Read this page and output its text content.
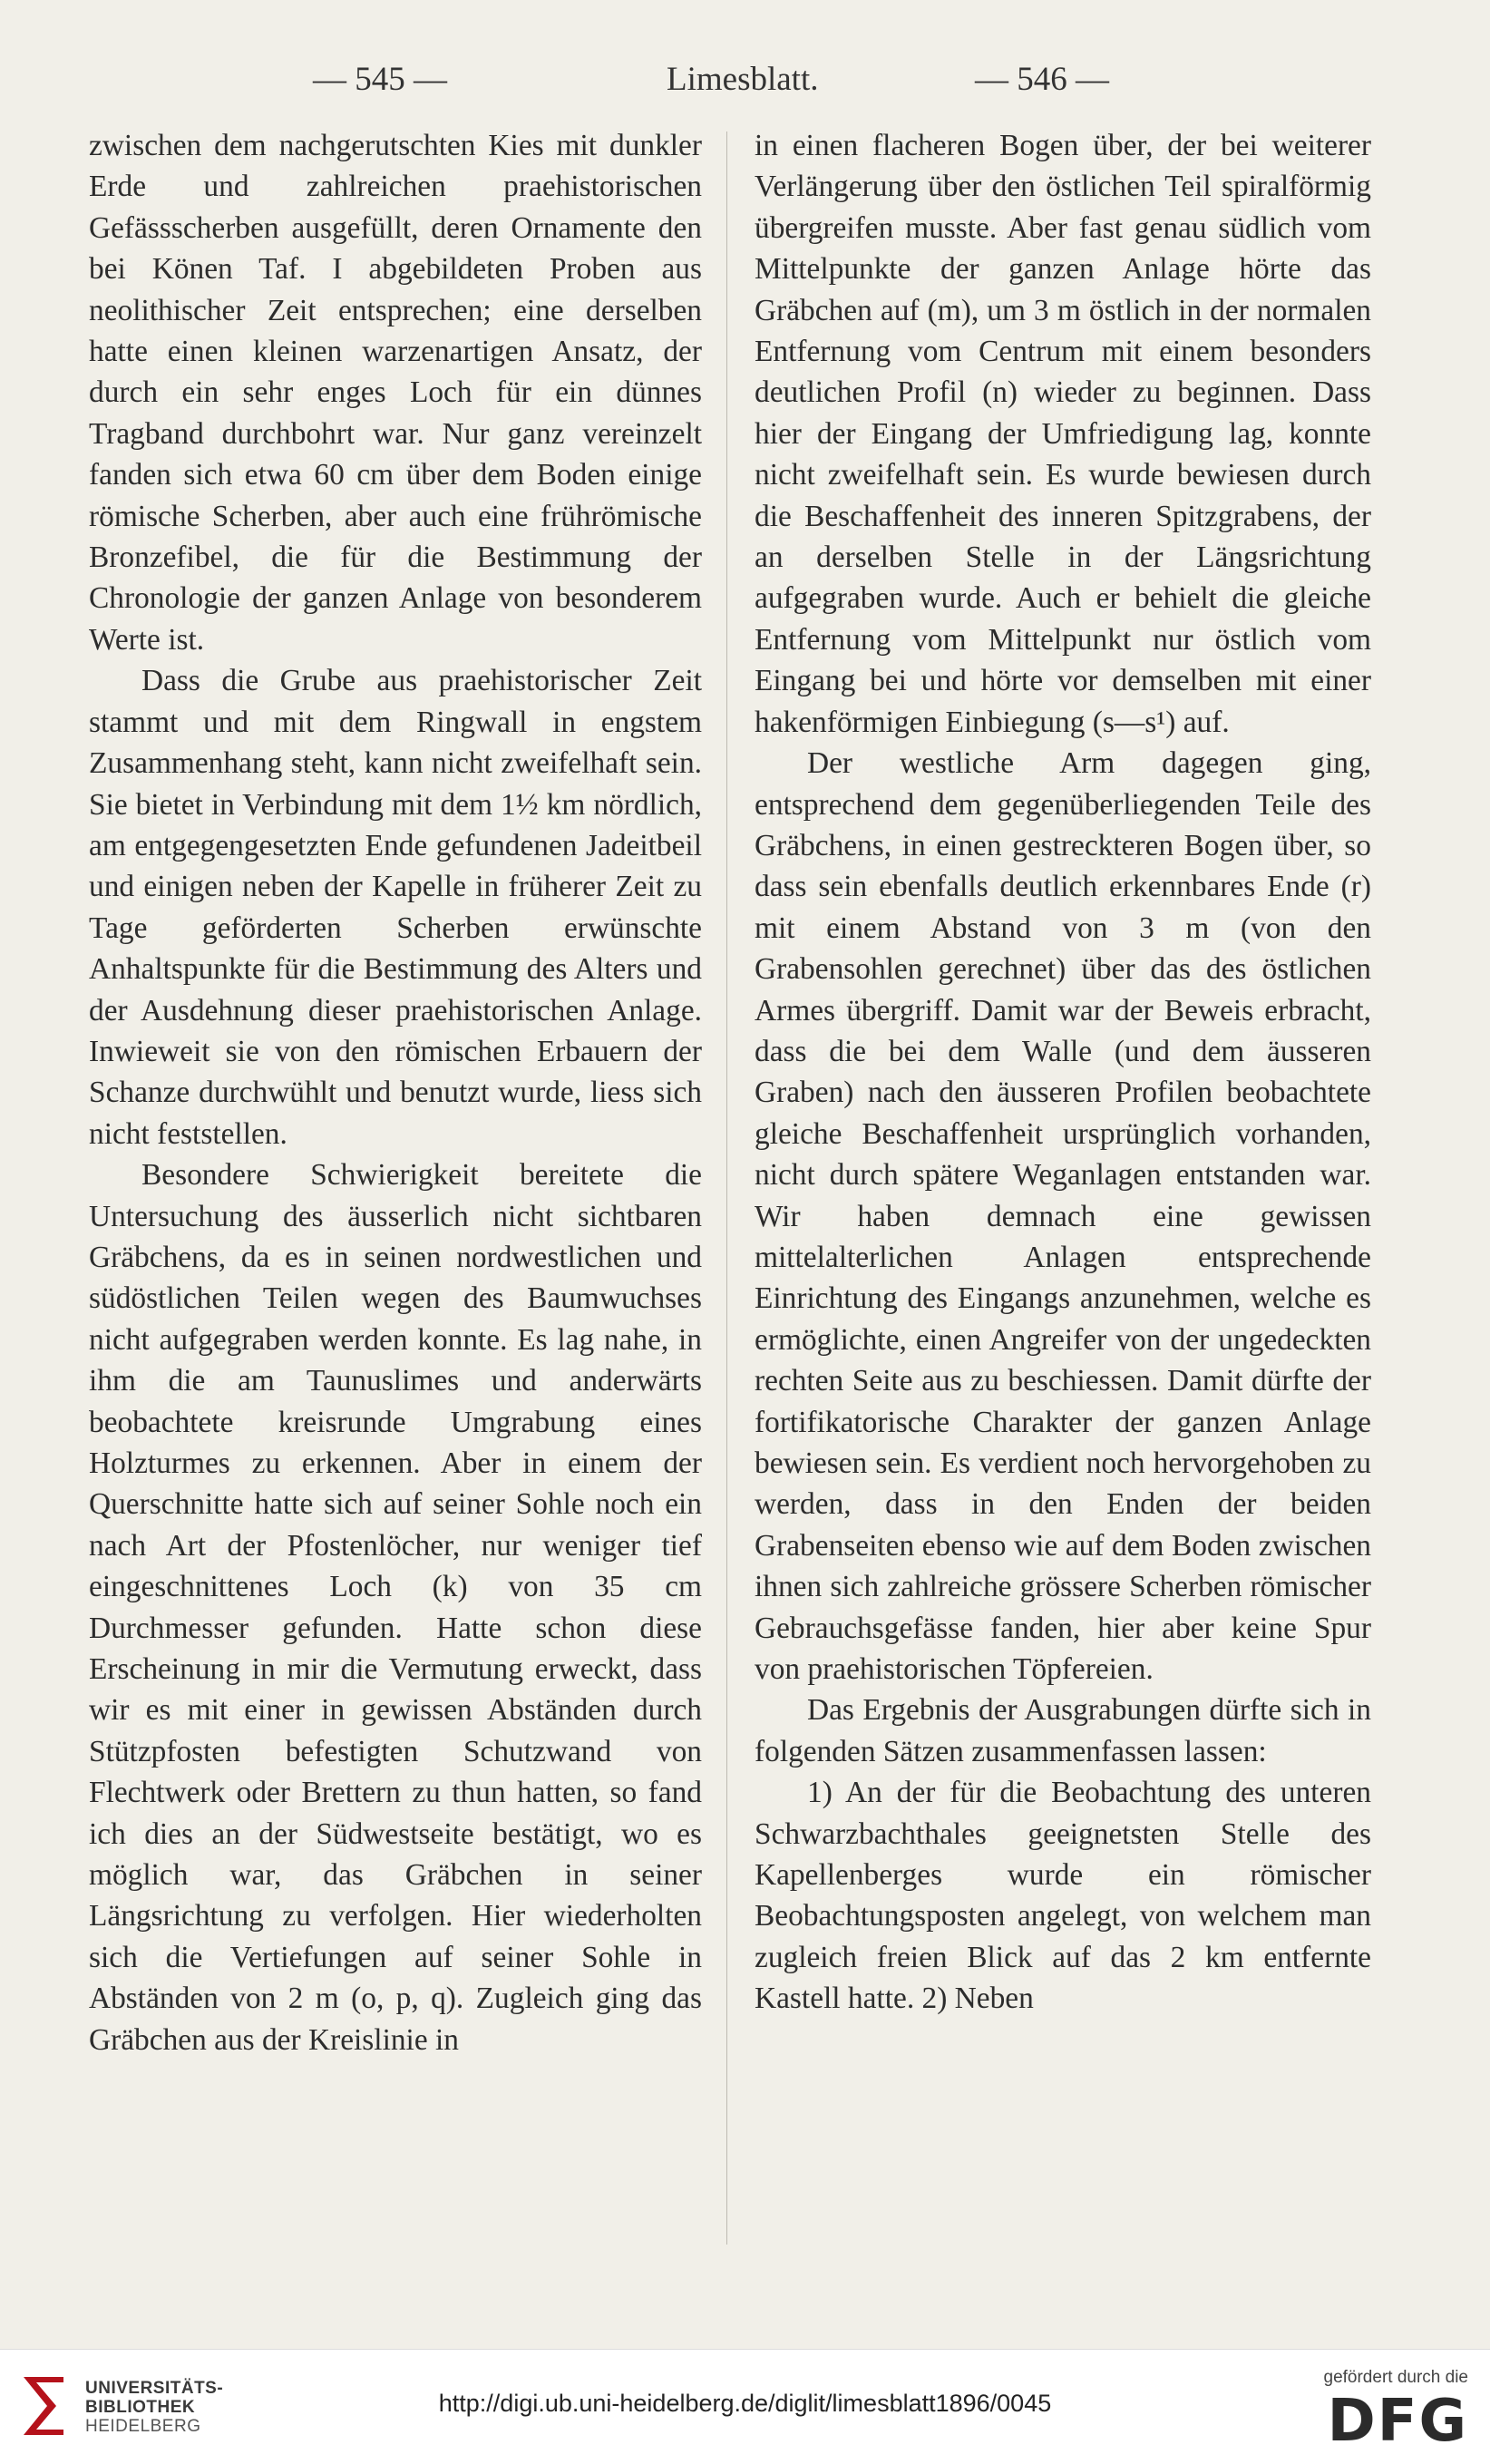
— 545 —	Limesblatt.	— 546 —

zwischen dem nachgerutschten Kies mit dunkler Erde und zahlreichen praehistorischen Gefässscherben ausgefüllt, deren Ornamente den bei Könen Taf. I abgebildeten Proben aus neolithischer Zeit entsprechen; eine derselben hatte einen kleinen warzenartigen Ansatz, der durch ein sehr enges Loch für ein dünnes Tragband durchbohrt war. Nur ganz vereinzelt fanden sich etwa 60 cm über dem Boden einige römische Scherben, aber auch eine frührömische Bronzefibel, die für die Bestimmung der Chronologie der ganzen Anlage von besonderem Werte ist.

Dass die Grube aus praehistorischer Zeit stammt und mit dem Ringwall in engstem Zusammenhang steht, kann nicht zweifelhaft sein. Sie bietet in Verbindung mit dem 1½ km nördlich, am entgegengesetzten Ende gefundenen Jadeitbeil und einigen neben der Kapelle in früherer Zeit zu Tage geförderten Scherben erwünschte Anhaltspunkte für die Bestimmung des Alters und der Ausdehnung dieser praehistorischen Anlage. Inwieweit sie von den römischen Erbauern der Schanze durchwühlt und benutzt wurde, liess sich nicht feststellen.

Besondere Schwierigkeit bereitete die Untersuchung des äusserlich nicht sichtbaren Gräbchens, da es in seinen nordwestlichen und südöstlichen Teilen wegen des Baumwuchses nicht aufgegraben werden konnte. Es lag nahe, in ihm die am Taunuslimes und anderwärts beobachtete kreisrunde Umgrabung eines Holzturmes zu erkennen. Aber in einem der Querschnitte hatte sich auf seiner Sohle noch ein nach Art der Pfostenlöcher, nur weniger tief eingeschnittenes Loch (k) von 35 cm Durchmesser gefunden. Hatte schon diese Erscheinung in mir die Vermutung erweckt, dass wir es mit einer in gewissen Abständen durch Stützpfosten befestigten Schutzwand von Flechtwerk oder Brettern zu thun hatten, so fand ich dies an der Südwestseite bestätigt, wo es möglich war, das Gräbchen in seiner Längsrichtung zu verfolgen. Hier wiederholten sich die Vertiefungen auf seiner Sohle in Abständen von 2 m (o, p, q). Zugleich ging das Gräbchen aus der Kreislinie in

in einen flacheren Bogen über, der bei weiterer Verlängerung über den östlichen Teil spiralförmig übergreifen musste. Aber fast genau südlich vom Mittelpunkte der ganzen Anlage hörte das Gräbchen auf (m), um 3 m östlich in der normalen Entfernung vom Centrum mit einem besonders deutlichen Profil (n) wieder zu beginnen. Dass hier der Eingang der Umfriedigung lag, konnte nicht zweifelhaft sein. Es wurde bewiesen durch die Beschaffenheit des inneren Spitzgrabens, der an derselben Stelle in der Längsrichtung aufgegraben wurde. Auch er behielt die gleiche Entfernung vom Mittelpunkt nur östlich vom Eingang bei und hörte vor demselben mit einer hakenförmigen Einbiegung (s—s¹) auf.

Der westliche Arm dagegen ging, entsprechend dem gegenüberliegenden Teile des Gräbchens, in einen gestreckteren Bogen über, so dass sein ebenfalls deutlich erkennbares Ende (r) mit einem Abstand von 3 m (von den Grabensohlen gerechnet) über das des östlichen Armes übergriff. Damit war der Beweis erbracht, dass die bei dem Walle (und dem äusseren Graben) nach den äusseren Profilen beobachtete gleiche Beschaffenheit ursprünglich vorhanden, nicht durch spätere Weganlagen entstanden war. Wir haben demnach eine gewissen mittelalterlichen Anlagen entsprechende Einrichtung des Eingangs anzunehmen, welche es ermöglichte, einen Angreifer von der ungedeckten rechten Seite aus zu beschiessen. Damit dürfte der fortifikatorische Charakter der ganzen Anlage bewiesen sein. Es verdient noch hervorgehoben zu werden, dass in den Enden der beiden Grabenseiten ebenso wie auf dem Boden zwischen ihnen sich zahlreiche grössere Scherben römischer Gebrauchsgefässe fanden, hier aber keine Spur von praehistorischen Töpfereien.

Das Ergebnis der Ausgrabungen dürfte sich in folgenden Sätzen zusammenfassen lassen:

1) An der für die Beobachtung des unteren Schwarzbachthales geeignetsten Stelle des Kapellenberges wurde ein römischer Beobachtungsposten angelegt, von welchem man zugleich freien Blick auf das 2 km entfernte Kastell hatte. 2) Neben

UNIVERSITÄTS-
BIBLIOTHEK
HEIDELBERG
http://digi.ub.uni-heidelberg.de/diglit/limesblatt1896/0045
gefördert durch die
DFG
